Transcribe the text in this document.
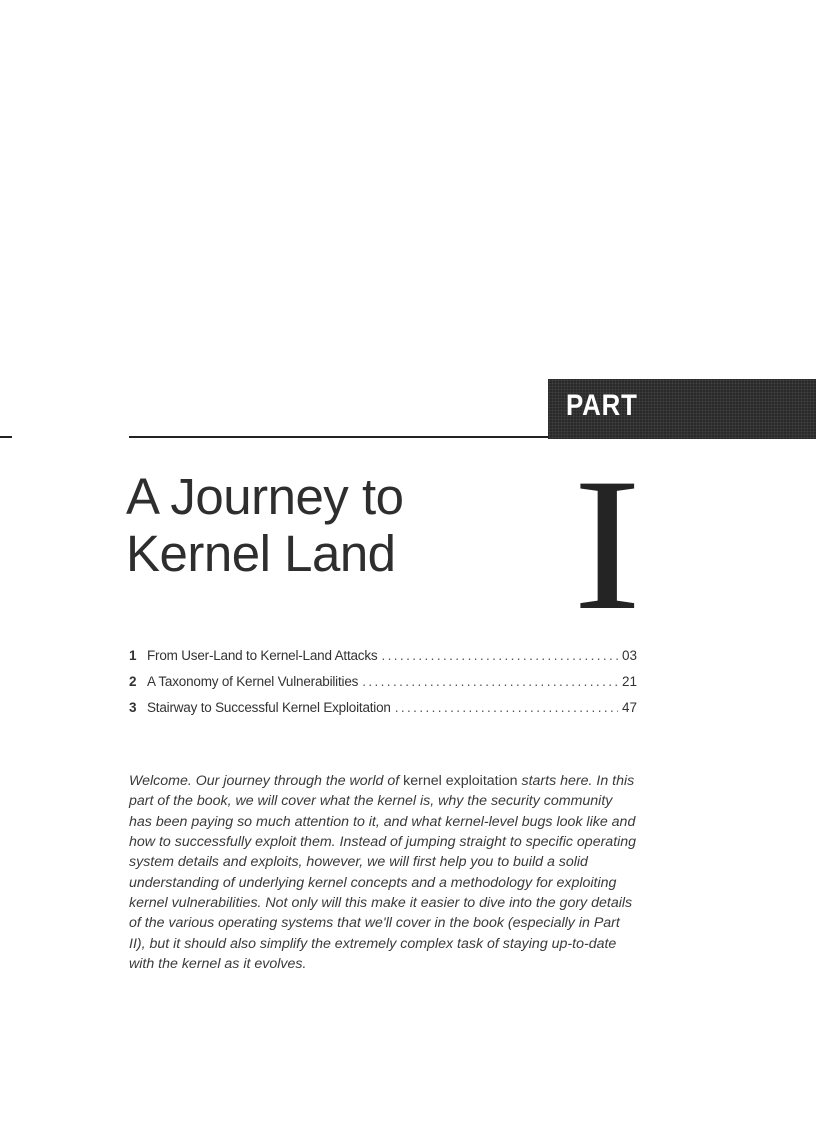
PART
A Journey to
Kernel Land I
1 From User-Land to Kernel-Land Attacks .....	03
2 A Taxonomy of Kernel Vulnerabilities .....	21
3 Stairway to Successful Kernel Exploitation .....	47

Welcome. Our journey through the world of kernel exploitation starts here. In this part of the book, we will cover what the kernel is, why the security community has been paying so much attention to it, and what kernel-level bugs look like and how to successfully exploit them. Instead of jumping straight to specific operating system details and exploits, however, we will first help you to build a solid understanding of underlying kernel concepts and a methodology for exploiting kernel vulnerabilities. Not only will this make it easier to dive into the gory details of the various operating systems that we'll cover in the book (especially in Part II), but it should also simplify the extremely complex task of staying up-to-date with the kernel as it evolves.
